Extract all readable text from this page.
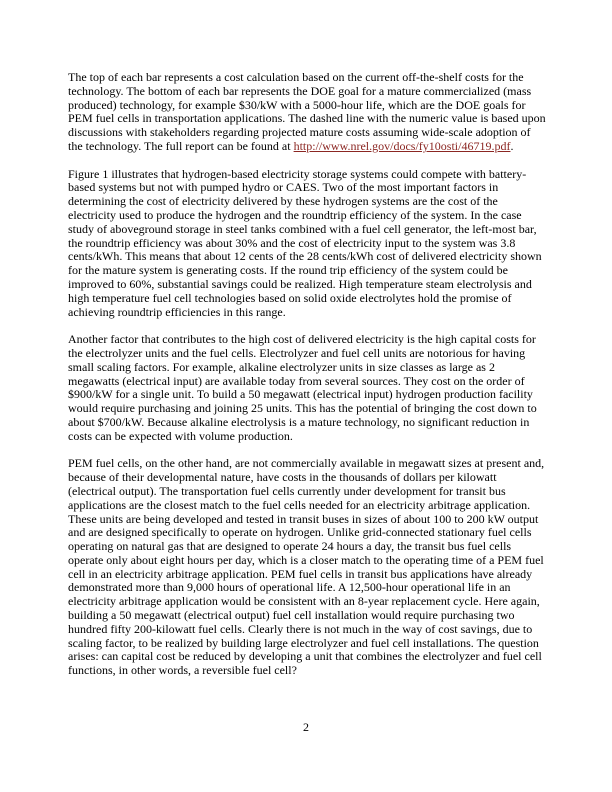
The top of each bar represents a cost calculation based on the current off-the-shelf costs for the technology. The bottom of each bar represents the DOE goal for a mature commercialized (mass produced) technology, for example $30/kW with a 5000-hour life, which are the DOE goals for PEM fuel cells in transportation applications. The dashed line with the numeric value is based upon discussions with stakeholders regarding projected mature costs assuming wide-scale adoption of the technology. The full report can be found at http://www.nrel.gov/docs/fy10osti/46719.pdf.

Figure 1 illustrates that hydrogen-based electricity storage systems could compete with battery-based systems but not with pumped hydro or CAES. Two of the most important factors in determining the cost of electricity delivered by these hydrogen systems are the cost of the electricity used to produce the hydrogen and the roundtrip efficiency of the system. In the case study of aboveground storage in steel tanks combined with a fuel cell generator, the left-most bar, the roundtrip efficiency was about 30% and the cost of electricity input to the system was 3.8 cents/kWh. This means that about 12 cents of the 28 cents/kWh cost of delivered electricity shown for the mature system is generating costs. If the round trip efficiency of the system could be improved to 60%, substantial savings could be realized. High temperature steam electrolysis and high temperature fuel cell technologies based on solid oxide electrolytes hold the promise of achieving roundtrip efficiencies in this range.

Another factor that contributes to the high cost of delivered electricity is the high capital costs for the electrolyzer units and the fuel cells. Electrolyzer and fuel cell units are notorious for having small scaling factors. For example, alkaline electrolyzer units in size classes as large as 2 megawatts (electrical input) are available today from several sources. They cost on the order of $900/kW for a single unit. To build a 50 megawatt (electrical input) hydrogen production facility would require purchasing and joining 25 units. This has the potential of bringing the cost down to about $700/kW. Because alkaline electrolysis is a mature technology, no significant reduction in costs can be expected with volume production.

PEM fuel cells, on the other hand, are not commercially available in megawatt sizes at present and, because of their developmental nature, have costs in the thousands of dollars per kilowatt (electrical output). The transportation fuel cells currently under development for transit bus applications are the closest match to the fuel cells needed for an electricity arbitrage application. These units are being developed and tested in transit buses in sizes of about 100 to 200 kW output and are designed specifically to operate on hydrogen. Unlike grid-connected stationary fuel cells operating on natural gas that are designed to operate 24 hours a day, the transit bus fuel cells operate only about eight hours per day, which is a closer match to the operating time of a PEM fuel cell in an electricity arbitrage application. PEM fuel cells in transit bus applications have already demonstrated more than 9,000 hours of operational life. A 12,500-hour operational life in an electricity arbitrage application would be consistent with an 8-year replacement cycle. Here again, building a 50 megawatt (electrical output) fuel cell installation would require purchasing two hundred fifty 200-kilowatt fuel cells. Clearly there is not much in the way of cost savings, due to scaling factor, to be realized by building large electrolyzer and fuel cell installations. The question arises: can capital cost be reduced by developing a unit that combines the electrolyzer and fuel cell functions, in other words, a reversible fuel cell?

2
